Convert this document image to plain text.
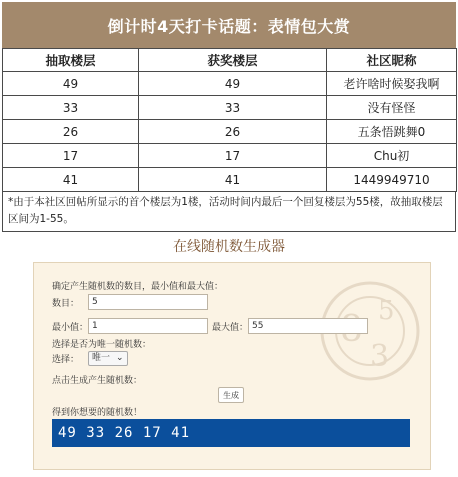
倒计时4天打卡话题：表情包大赏
抽取楼层	获奖楼层	社区昵称
49	49	老许啥时候娶我啊
33	33	没有怪怪
26	26	五条悟跳舞0
17	17	Chu初
41	41	1449949710
*由于本社区回帖所显示的首个楼层为1楼，活动时间内最后一个回复楼层为55楼，故抽取楼层区间为1-55。
在线随机数生成器
3
5
确定产生随机数的数目，最小值和最大值：
数目：	5
最小值： 1	最大值： 55
选择是否为唯一随机数：
选择：	唯一 ⌄
点击生成产生随机数：
生成
得到你想要的随机数！
49 33 26 17 41
